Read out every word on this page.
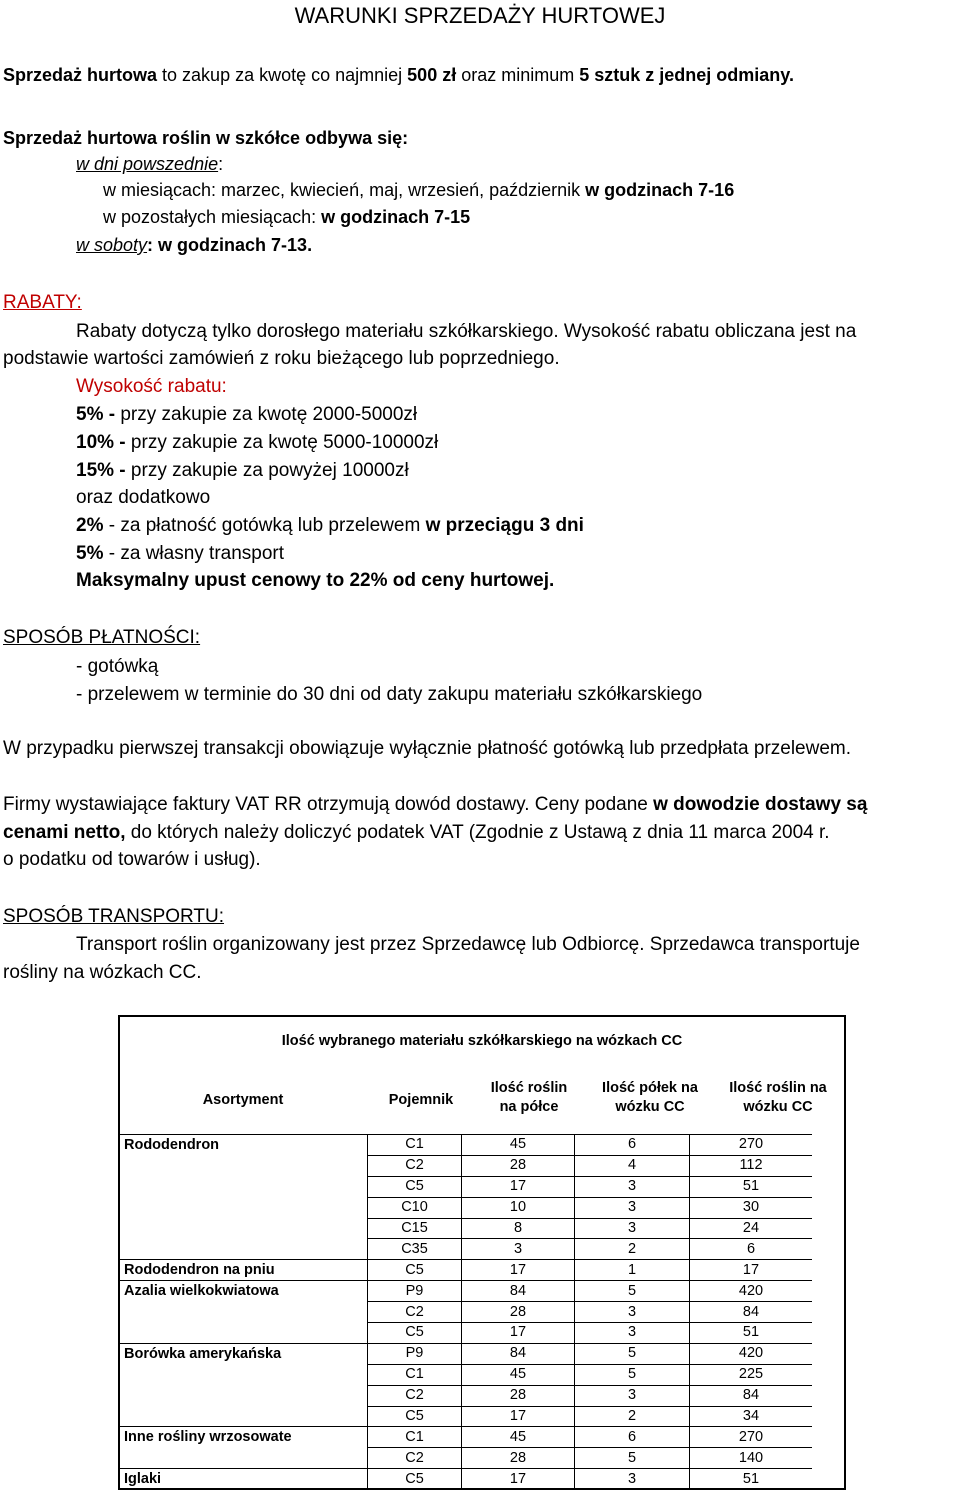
WARUNKI SPRZEDAŻY HURTOWEJ
Sprzedaż hurtowa to zakup za kwotę co najmniej 500 zł oraz minimum 5 sztuk z jednej odmiany.
Sprzedaż hurtowa roślin w szkółce odbywa się:
w dni powszednie:
w miesiącach: marzec, kwiecień, maj, wrzesień, październik w godzinach 7-16
w pozostałych miesiącach: w godzinach 7-15
w soboty: w godzinach 7-13.
RABATY:
Rabaty dotyczą tylko dorosłego materiału szkółkarskiego. Wysokość rabatu obliczana jest na
podstawie wartości zamówień z roku bieżącego lub poprzedniego.
Wysokość rabatu:
5% - przy zakupie za kwotę 2000-5000zł
10% - przy zakupie za kwotę 5000-10000zł
15% - przy zakupie za powyżej 10000zł
oraz dodatkowo
2% - za płatność gotówką lub przelewem w przeciągu 3 dni
5% - za własny transport
Maksymalny upust cenowy to 22% od ceny hurtowej.
SPOSÓB PŁATNOŚCI:
- gotówką
- przelewem w terminie do 30 dni od daty zakupu materiału szkółkarskiego
W przypadku pierwszej transakcji obowiązuje wyłącznie płatność gotówką lub przedpłata przelewem.
Firmy wystawiające faktury VAT RR otrzymują dowód dostawy. Ceny podane w dowodzie dostawy są
cenami netto, do których należy doliczyć podatek VAT (Zgodnie z Ustawą z dnia 11 marca 2004 r.
o podatku od towarów i usług).
SPOSÓB TRANSPORTU:
Transport roślin organizowany jest przez Sprzedawcę lub Odbiorcę. Sprzedawca transportuje
rośliny na wózkach CC.
Ilość wybranego materiału szkółkarskiego na wózkach CC
Asortyment	Pojemnik
Ilość roślin
na półce
Ilość półek na
wózku CC
Ilość roślin na
wózku CC
Rododendron	C1	45	6	270
	C2	28	4	112
	C5	17	3	51
	C10	10	3	30
	C15	8	3	24
	C35	3	2	6
Rododendron na pniu	C5	17	1	17
Azalia wielkokwiatowa	P9	84	5	420
	C2	28	3	84
	C5	17	3	51
Borówka amerykańska	P9	84	5	420
	C1	45	5	225
	C2	28	3	84
	C5	17	2	34
Inne rośliny wrzosowate	C1	45	6	270
	C2	28	5	140
Iglaki	C5	17	3	51
